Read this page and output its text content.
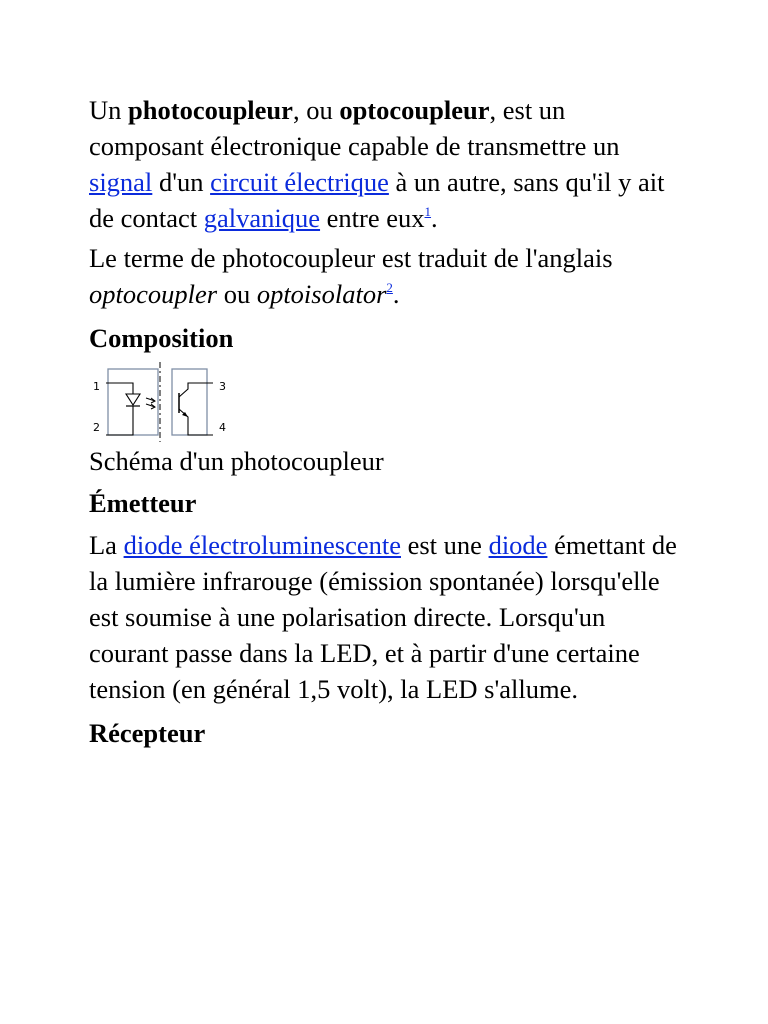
Un photocoupleur, ou optocoupleur, est un composant électronique capable de transmettre un signal d'un circuit électrique à un autre, sans qu'il y ait de contact galvanique entre eux$^1$.

Le terme de photocoupleur est traduit de l'anglais optocoupler ou optoisolator$^2$.

Composition
1
2
3
4

Schéma d'un photocoupleur

Émetteur

La diode électroluminescente est une diode émettant de la lumière infrarouge (émission spontanée) lorsqu'elle est soumise à une polarisation directe. Lorsqu'un courant passe dans la LED, et à partir d'une certaine tension (en général 1,5 volt), la LED s'allume.

Récepteur
